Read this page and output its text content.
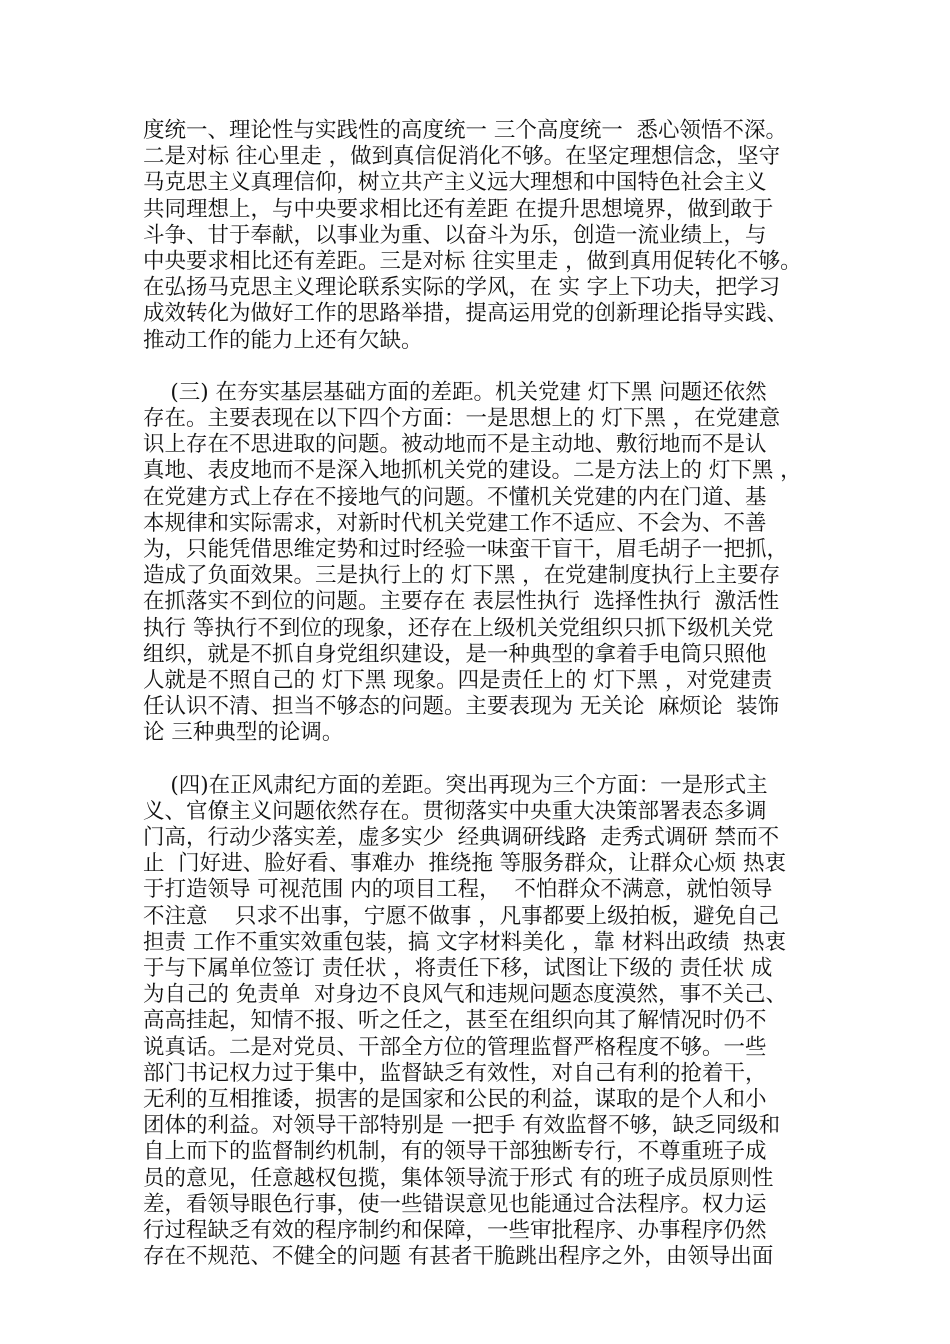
度统一、理论性与实践性的高度统一 三个高度统一  悉心领悟不深。
二是对标 往心里走 ，做到真信促消化不够。在坚定理想信念，坚守
马克思主义真理信仰，树立共产主义远大理想和中国特色社会主义
共同理想上，与中央要求相比还有差距 在提升思想境界，做到敢于
斗争、甘于奉献，以事业为重、以奋斗为乐，创造一流业绩上，与
中央要求相比还有差距。三是对标 往实里走 ，做到真用促转化不够。
在弘扬马克思主义理论联系实际的学风，在 实 字上下功夫，把学习
成效转化为做好工作的思路举措，提高运用党的创新理论指导实践、
推动工作的能力上还有欠缺。
(三) 在夯实基层基础方面的差距。机关党建 灯下黑 问题还依然
存在。主要表现在以下四个方面：一是思想上的 灯下黑 ，在党建意
识上存在不思进取的问题。被动地而不是主动地、敷衍地而不是认
真地、表皮地而不是深入地抓机关党的建设。二是方法上的 灯下黑 ，
在党建方式上存在不接地气的问题。不懂机关党建的内在门道、基
本规律和实际需求，对新时代机关党建工作不适应、不会为、不善
为，只能凭借思维定势和过时经验一味蛮干盲干，眉毛胡子一把抓，
造成了负面效果。三是执行上的 灯下黑 ，在党建制度执行上主要存
在抓落实不到位的问题。主要存在 表层性执行  选择性执行  激活性
执行 等执行不到位的现象，还存在上级机关党组织只抓下级机关党
组织，就是不抓自身党组织建设，是一种典型的拿着手电筒只照他
人就是不照自己的 灯下黑 现象。四是责任上的 灯下黑 ，对党建责
任认识不清、担当不够态的问题。主要表现为 无关论  麻烦论  装饰
论 三种典型的论调。
(四)在正风肃纪方面的差距。突出再现为三个方面：一是形式主
义、官僚主义问题依然存在。贯彻落实中央重大决策部署表态多调
门高，行动少落实差，虚多实少  经典调研线路  走秀式调研 禁而不
止  门好进、脸好看、事难办  推绕拖 等服务群众，让群众心烦 热衷
于打造领导 可视范围 内的项目工程，  不怕群众不满意，就怕领导
不注意    只求不出事，宁愿不做事 ，凡事都要上级拍板，避免自己
担责 工作不重实效重包装，搞 文字材料美化 ，靠 材料出政绩  热衷
于与下属单位签订 责任状 ，将责任下移，试图让下级的 责任状 成
为自己的 免责单  对身边不良风气和违规问题态度漠然，事不关己、
高高挂起，知情不报、听之任之，甚至在组织向其了解情况时仍不
说真话。二是对党员、干部全方位的管理监督严格程度不够。一些
部门书记权力过于集中，监督缺乏有效性，对自己有利的抢着干，
无利的互相推诿，损害的是国家和公民的利益，谋取的是个人和小
团体的利益。对领导干部特别是 一把手 有效监督不够，缺乏同级和
自上而下的监督制约机制，有的领导干部独断专行，不尊重班子成
员的意见，任意越权包揽，集体领导流于形式 有的班子成员原则性
差，看领导眼色行事，使一些错误意见也能通过合法程序。权力运
行过程缺乏有效的程序制约和保障，一些审批程序、办事程序仍然
存在不规范、不健全的问题 有甚者干脆跳出程序之外，由领导出面
